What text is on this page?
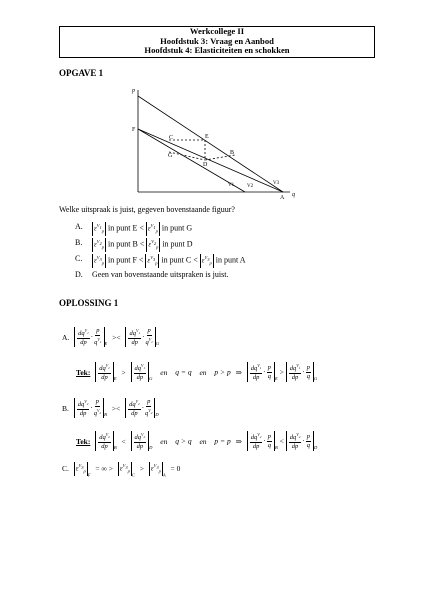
Werkcollege II
Hoofdstuk 3: Vraag en Aanbod
Hoofdstuk 4: Elasticiteiten en schokken
OPGAVE 1
p
q
F
C	E
B
G
D
A
V1	V2
V3
Welke uitspraak is juist, gegeven bovenstaande figuur?
A. $\varepsilon^{V_1}_p$ in punt $E < \varepsilon^{V_1}_p$ in punt G
B. $\varepsilon^{V_2}_p$ in punt $B < \varepsilon^{V_2}_p$ in punt D
C. $\varepsilon^{V_3}_p$ in punt $F < \varepsilon^{V_3}_p$ in punt $C < \varepsilon^{V_3}_p$ in punt A
D. Geen van bovenstaande uitspraken is juist.
OPLOSSING 1
A. $dq^{V_1}$
dp
· $\frac{p}{q^{V_1}} _E >< dq^{V_1}$
dp
· $\frac{p}{q^{V_1}} _G$
Tek: $dq^{V_1}$
dp $_E > dq^{V_1}$
dp $_G$ en q = q en p > p ⇒ $dq^{V_1}$
dp
· $\frac{p}{q} _E > dq^{V_1}$
dp
· $\frac{p}{q} _G$
B. $dq^{V_2}$
dp
· $\frac{p}{q^{V_2}} _B >< dq^{V_2}$
dp
· $\frac{p}{q^{V_2}} _D$
Tek: $dq^{V_2}$
dp $_B < dq^{V_2}$
dp $_D$ en q > q en p = p ⇒ $dq^{V_2}$
dp
· $\frac{p}{q} _B < dq^{V_2}$
dp
· $\frac{p}{q} _D$
C. $\varepsilon^{V_3}_{pF}$ = ∞ > $\varepsilon^{V_3}_{pC} > \varepsilon^{V_3}_{pA} = 0$
